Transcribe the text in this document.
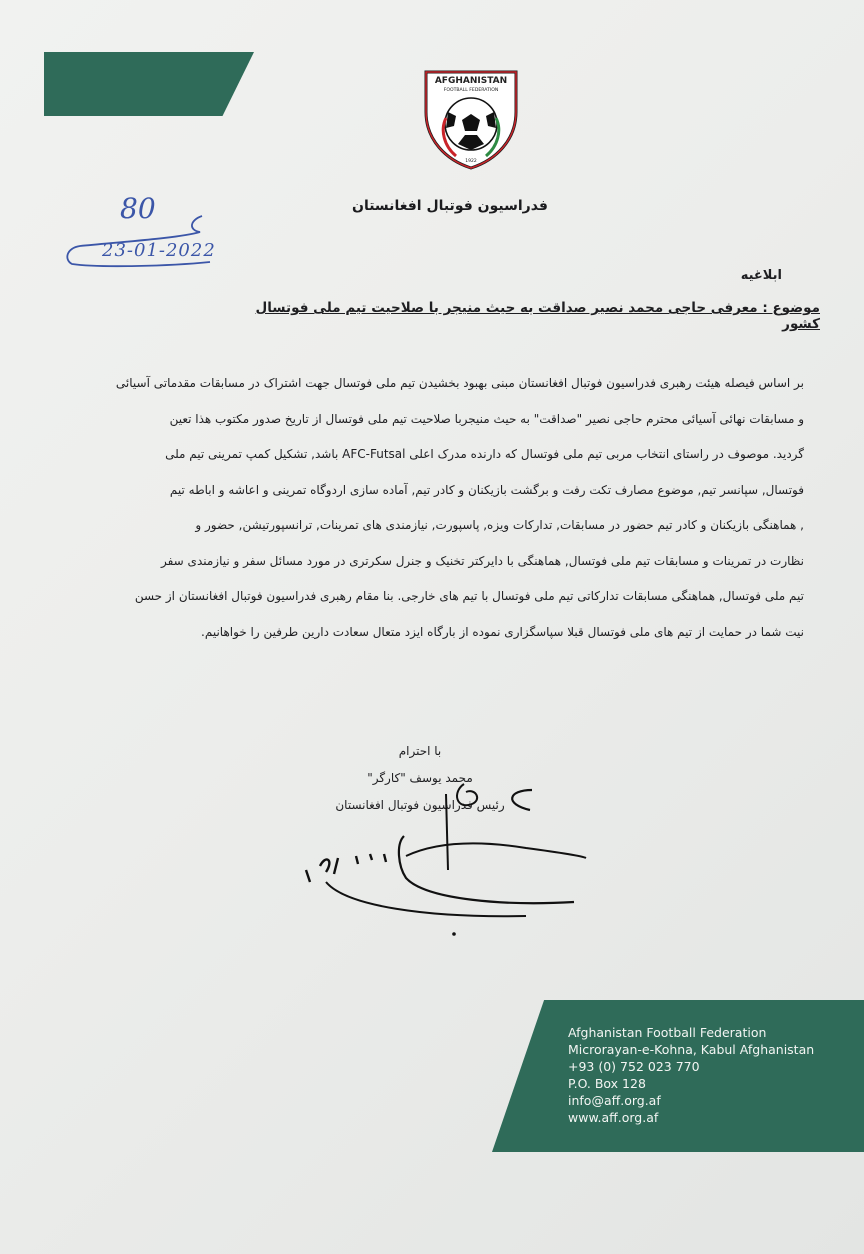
AFGHANISTAN
FOOTBALL FEDERATION
1922
فدراسیون فوتبال افغانستان
80
23-01-2022
ابلاغیه
موضوع : معرفی حاجی محمد نصیر صداقت به حیث منیجر با صلاحیت تیم ملی فوتسال کشور

بر اساس فیصله هیئت رهبری فدراسیون فوتبال افغانستان مبنی بهبود بخشیدن تیم ملی فوتسال جهت اشتراک در مسابقات مقدماتی آسیائی

و مسابقات نهائی آسیائی محترم حاجی نصیر "صداقت" به حیث منیجربا صلاحیت تیم ملی فوتسال از تاریخ صدور مکتوب هذا تعین

گردید. موصوف در راستای انتخاب مربی تیم ملی فوتسال که دارنده مدرک اعلی AFC-Futsal باشد, تشکیل کمپ تمرینی تیم ملی

فوتسال, سپانسر تیم, موضوع مصارف تکت رفت و برگشت بازیکنان و کادر تیم, آماده سازی اردوگاه تمرینی و اعاشه و اباطه تیم

, هماهنگی بازیکنان و کادر تیم حضور در مسابقات, تدارکات ویزه, پاسپورت, نیازمندی های تمرینات, ترانسپورتیشن, حضور و

نظارت در تمرینات و مسابقات تیم ملی فوتسال, هماهنگی با دایرکتر تخنیک و جنرل سکرتری در مورد مسائل سفر و نیازمندی سفر

تیم ملی فوتسال, هماهنگی مسابقات تدارکاتی تیم ملی فوتسال با تیم های خارجی. بنا مقام رهبری فدراسیون فوتبال افغانستان از حسن

نیت شما در حمایت از تیم های ملی فوتسال قبلا سپاسگزاری نموده از بارگاه ایزد متعال سعادت دارین طرفین را خواهانیم.

با احترام
محمد یوسف "کارگر"
رئیس فدراسیون فوتبال افغانستان
Afghanistan Football Federation
Microrayan-e-Kohna, Kabul Afghanistan
+93 (0) 752 023 770
P.O. Box 128
info@aff.org.af
www.aff.org.af
